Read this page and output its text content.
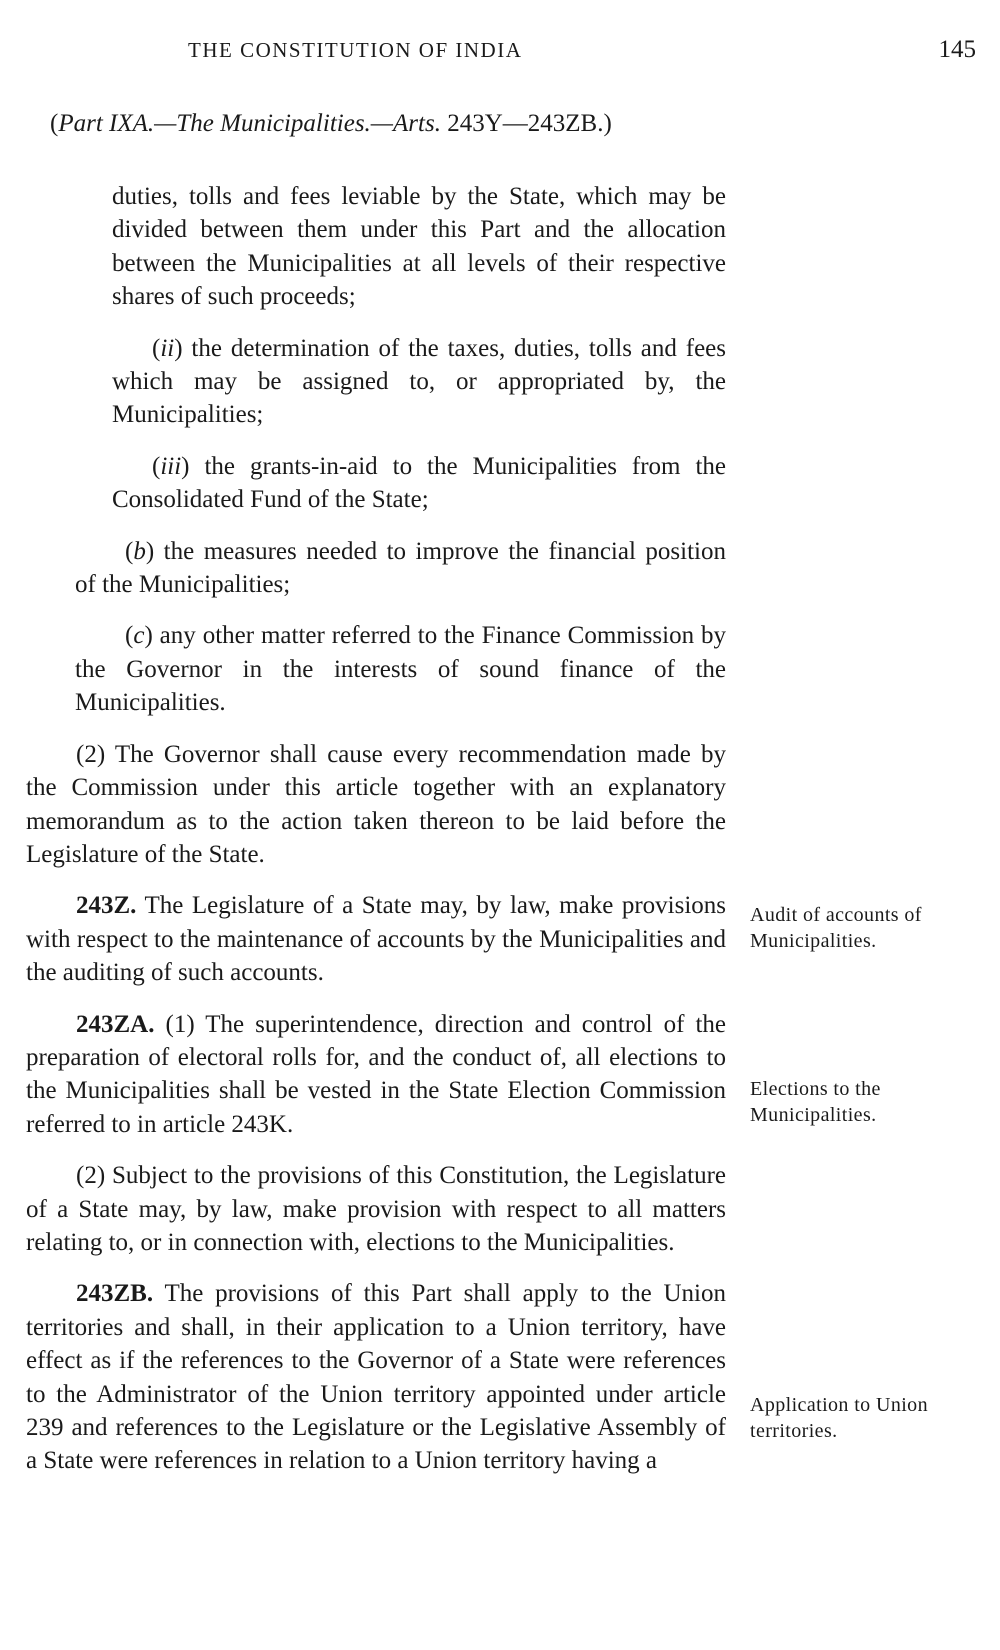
THE CONSTITUTION OF INDIA	145
(Part IXA.—The Municipalities.—Arts. 243Y—243ZB.)

duties, tolls and fees leviable by the State, which may be divided between them under this Part and the allocation between the Municipalities at all levels of their respective shares of such proceeds;

(ii) the determination of the taxes, duties, tolls and fees which may be assigned to, or appropriated by, the Municipalities;

(iii) the grants-in-aid to the Municipalities from the Consolidated Fund of the State;

(b) the measures needed to improve the financial position of the Municipalities;

(c) any other matter referred to the Finance Commission by the Governor in the interests of sound finance of the Municipalities.

(2) The Governor shall cause every recommendation made by the Commission under this article together with an explanatory memorandum as to the action taken thereon to be laid before the Legislature of the State.

243Z. The Legislature of a State may, by law, make provisions with respect to the maintenance of accounts by the Municipalities and the auditing of such accounts.

243ZA. (1) The superintendence, direction and control of the preparation of electoral rolls for, and the conduct of, all elections to the Municipalities shall be vested in the State Election Commission referred to in article 243K.

(2) Subject to the provisions of this Constitution, the Legislature of a State may, by law, make provision with respect to all matters relating to, or in connection with, elections to the Municipalities.

243ZB. The provisions of this Part shall apply to the Union territories and shall, in their application to a Union territory, have effect as if the references to the Governor of a State were references to the Administrator of the Union territory appointed under article 239 and references to the Legislature or the Legislative Assembly of a State were references in relation to a Union territory having a

Audit of accounts of Municipalities.
Elections to the Municipalities.
Application to Union territories.
